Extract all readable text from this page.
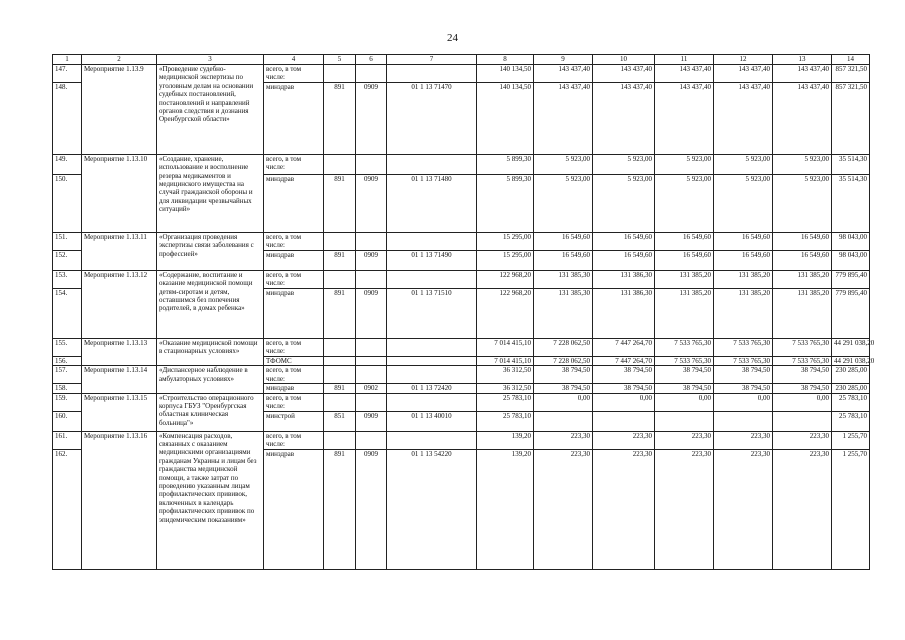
24
1	2	3	4	5	6	7	8	9	10	11	12	13	14
147.	Мероприятие 1.13.9	«Проведение судебно-медицинской экспертизы по уголовным делам на основании судебных постановлений, постановлений и направлений органов следствия и дознания Оренбургской области»	всего, в том числе:				140 134,50	143 437,40	143 437,40	143 437,40	143 437,40	143 437,40	857 321,50
148.			минздрав	891	0909	01 1 13 71470	140 134,50	143 437,40	143 437,40	143 437,40	143 437,40	143 437,40	857 321,50
149.	Мероприятие 1.13.10	«Создание, хранение, использование и восполнение резерва медикаментов и медицинского имущества на случай гражданской обороны и для ликвидации чрезвычайных ситуаций»	всего, в том числе:				5 899,30	5 923,00	5 923,00	5 923,00	5 923,00	5 923,00	35 514,30
150.			минздрав	891	0909	01 1 13 71480	5 899,30	5 923,00	5 923,00	5 923,00	5 923,00	5 923,00	35 514,30
151.	Мероприятие 1.13.11	«Организация проведения экспертизы связи заболевания с профессией»	всего, в том числе:				15 295,00	16 549,60	16 549,60	16 549,60	16 549,60	16 549,60	98 043,00
152.			минздрав	891	0909	01 1 13 71490	15 295,00	16 549,60	16 549,60	16 549,60	16 549,60	16 549,60	98 043,00
153.	Мероприятие 1.13.12	«Содержание, воспитание и оказание медицинской помощи детям-сиротам и детям, оставшимся без попечения родителей, в домах ребенка»	всего, в том числе:				122 968,20	131 385,30	131 386,30	131 385,20	131 385,20	131 385,20	779 895,40
154.			минздрав	891	0909	01 1 13 71510	122 968,20	131 385,30	131 386,30	131 385,20	131 385,20	131 385,20	779 895,40
155.	Мероприятие 1.13.13	«Оказание медицинской помощи в стационарных условиях»	всего, в том числе:				7 014 415,10	7 228 062,50	7 447 264,70	7 533 765,30	7 533 765,30	7 533 765,30	44 291 038,20
156.			ТФОМС				7 014 415,10	7 228 062,50	7 447 264,70	7 533 765,30	7 533 765,30	7 533 765,30	44 291 038,20
157.	Мероприятие 1.13.14	«Диспансерное наблюдение в амбулаторных условиях»	всего, в том числе:				36 312,50	38 794,50	38 794,50	38 794,50	38 794,50	38 794,50	230 285,00
158.			минздрав	891	0902	01 1 13 72420	36 312,50	38 794,50	38 794,50	38 794,50	38 794,50	38 794,50	230 285,00
159.	Мероприятие 1.13.15	«Строительство операционного корпуса ГБУЗ "Оренбургская областная клиническая больница"»	всего, в том числе:				25 783,10	0,00	0,00	0,00	0,00	0,00	25 783,10
160.			минстрой	851	0909	01 1 13 40010	25 783,10						25 783,10
161.	Мероприятие 1.13.16	«Компенсация расходов, связанных с оказанием медицинскими организациями гражданам Украины и лицам без гражданства медицинской помощи, а также затрат по проведению указанным лицам профилактических прививок, включенных в календарь профилактических прививок по эпидемическим показаниям»	всего, в том числе:				139,20	223,30	223,30	223,30	223,30	223,30	1 255,70
162.			минздрав	891	0909	01 1 13 54220	139,20	223,30	223,30	223,30	223,30	223,30	1 255,70
